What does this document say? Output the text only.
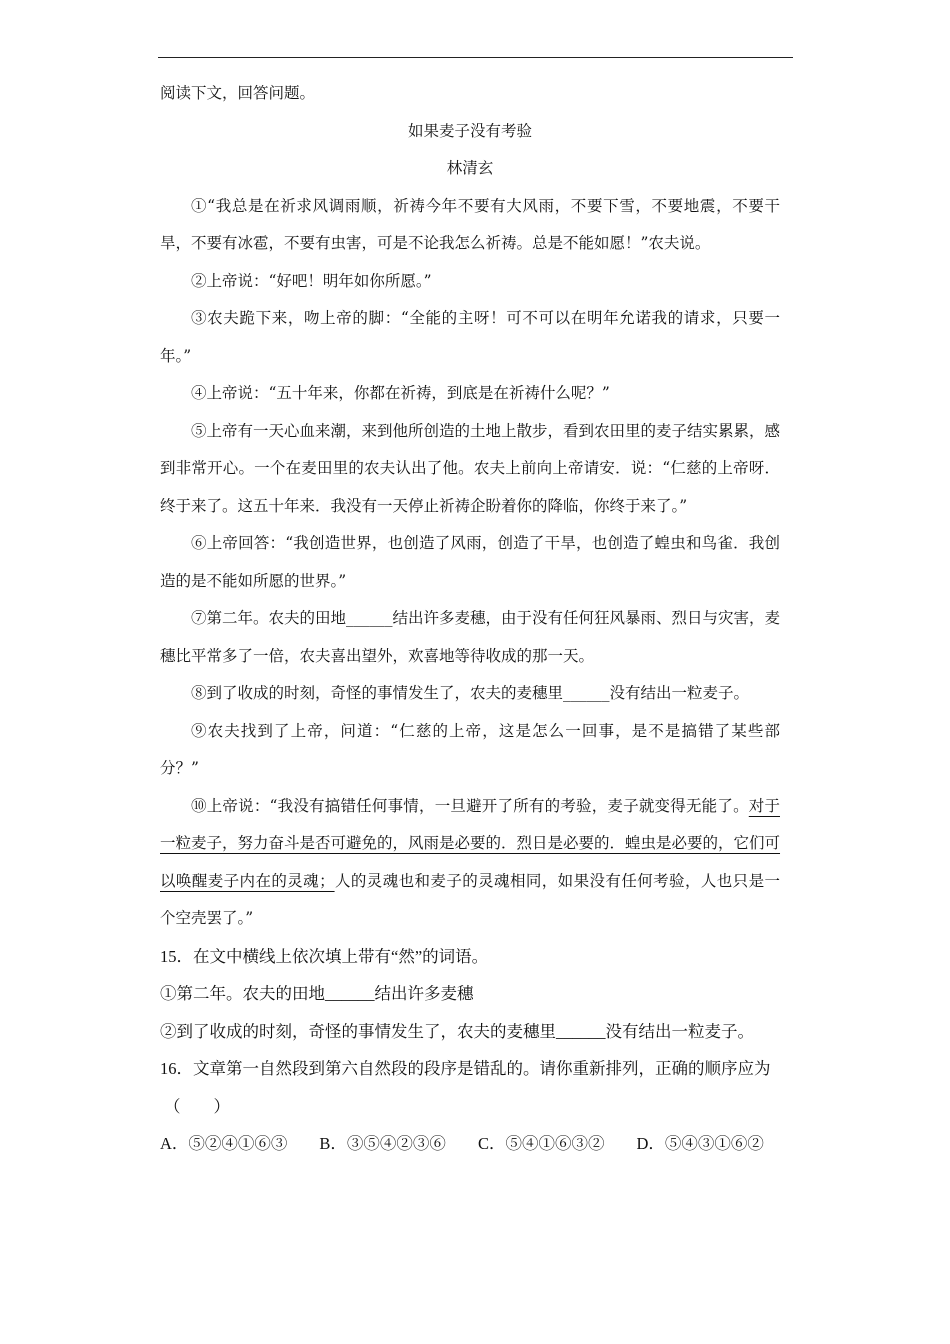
阅读下文，回答问题。
如果麦子没有考验
林清玄
①“我总是在祈求风调雨顺，祈祷今年不要有大风雨，不要下雪，不要地震，不要干旱，不要有冰雹，不要有虫害，可是不论我怎么祈祷。总是不能如愿！”农夫说。
②上帝说：“好吧！明年如你所愿。”
③农夫跪下来，吻上帝的脚：“全能的主呀！可不可以在明年允诺我的请求，只要一年。”
④上帝说：“五十年来，你都在祈祷，到底是在祈祷什么呢？”
⑤上帝有一天心血来潮，来到他所创造的土地上散步，看到农田里的麦子结实累累，感到非常开心。一个在麦田里的农夫认出了他。农夫上前向上帝请安．说：“仁慈的上帝呀．终于来了。这五十年来．我没有一天停止祈祷企盼着你的降临，你终于来了。”
⑥上帝回答：“我创造世界，也创造了风雨，创造了干旱，也创造了蝗虫和鸟雀．我创造的是不能如所愿的世界。”
⑦第二年。农夫的田地______结出许多麦穗，由于没有任何狂风暴雨、烈日与灾害，麦穗比平常多了一倍，农夫喜出望外，欢喜地等待收成的那一天。
⑧到了收成的时刻，奇怪的事情发生了，农夫的麦穗里______没有结出一粒麦子。
⑨农夫找到了上帝，问道：“仁慈的上帝，这是怎么一回事，是不是搞错了某些部分？”
⑩上帝说：“我没有搞错任何事情，一旦避开了所有的考验，麦子就变得无能了。对于一粒麦子，努力奋斗是否可避免的，风雨是必要的．烈日是必要的．蝗虫是必要的，它们可以唤醒麦子内在的灵魂；人的灵魂也和麦子的灵魂相同，如果没有任何考验，人也只是一个空壳罢了。”
15．在文中横线上依次填上带有“然”的词语。
①第二年。农夫的田地______结出许多麦穗
②到了收成的时刻，奇怪的事情发生了，农夫的麦穗里______没有结出一粒麦子。
16．文章第一自然段到第六自然段的段序是错乱的。请你重新排列，正确的顺序应为
（　　）
A．⑤②④①⑥③ B．③⑤④②③⑥ C．⑤④①⑥③② D．⑤④③①⑥②
